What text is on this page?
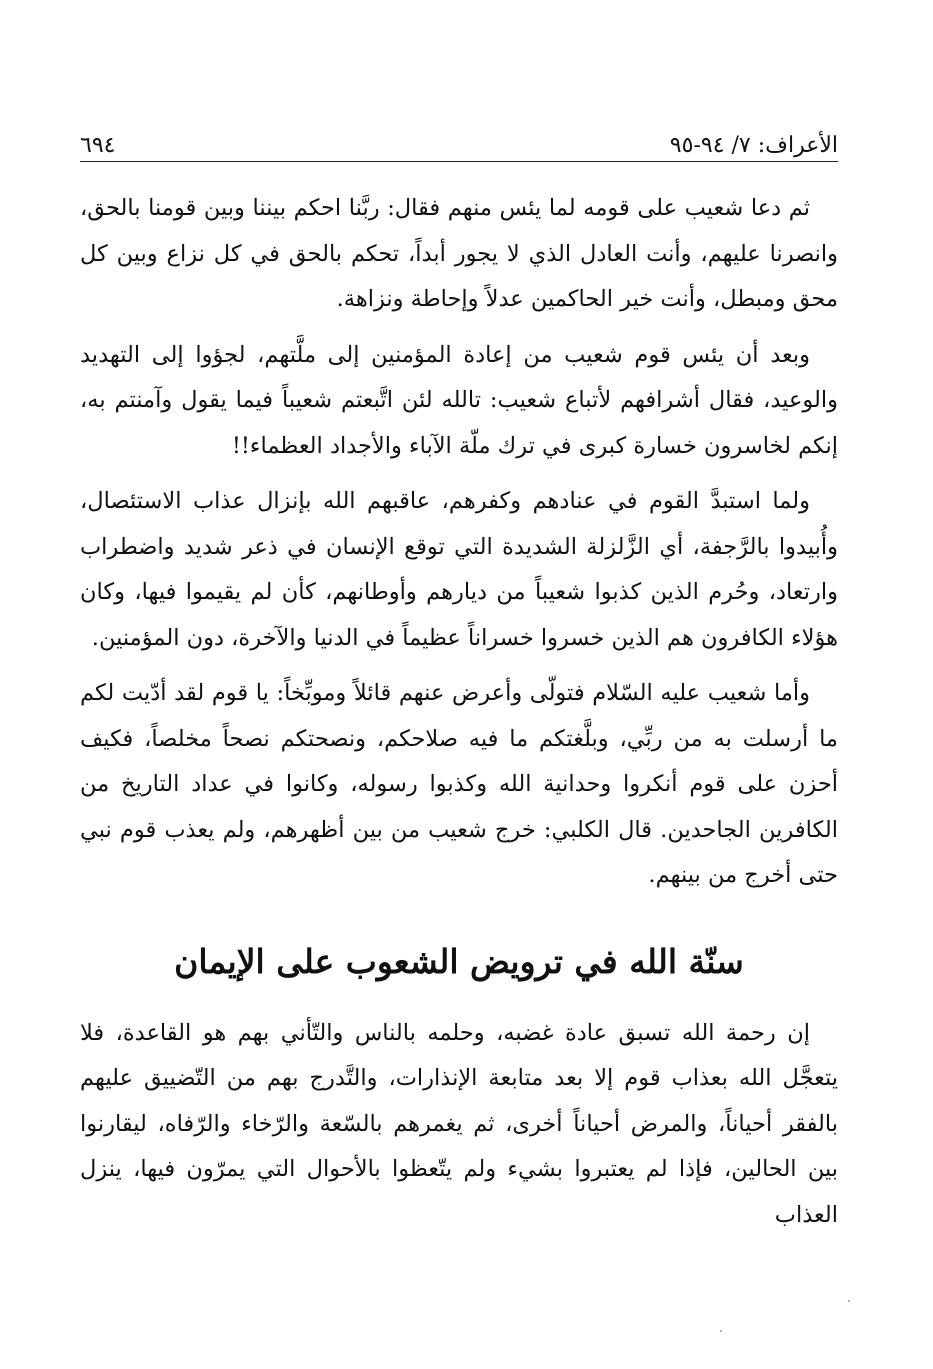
الأعراف: ٧/ ٩٤-٩٥
٦٩٤

ثم دعا شعيب على قومه لما يئس منهم فقال: ربَّنا احكم بيننا وبين قومنا بالحق، وانصرنا عليهم، وأنت العادل الذي لا يجور أبداً، تحكم بالحق في كل نزاع وبين كل محق ومبطل، وأنت خير الحاكمين عدلاً وإحاطة ونزاهة.

وبعد أن يئس قوم شعيب من إعادة المؤمنين إلى ملَّتهم، لجؤوا إلى التهديد والوعيد، فقال أشرافهم لأتباع شعيب: تالله لئن اتَّبعتم شعيباً فيما يقول وآمنتم به، إنكم لخاسرون خسارة كبرى في ترك ملّة الآباء والأجداد العظماء!!

ولما استبدَّ القوم في عنادهم وكفرهم، عاقبهم الله بإنزال عذاب الاستئصال، وأُبيدوا بالرَّجفة، أي الزَّلزلة الشديدة التي توقع الإنسان في ذعر شديد واضطراب وارتعاد، وحُرم الذين كذبوا شعيباً من ديارهم وأوطانهم، كأن لم يقيموا فيها، وكان هؤلاء الكافرون هم الذين خسروا خسراناً عظيماً في الدنيا والآخرة، دون المؤمنين.

وأما شعيب عليه السّلام فتولّى وأعرض عنهم قائلاً وموبِّخاً: يا قوم لقد أدّيت لكم ما أرسلت به من ربِّي، وبلَّغتكم ما فيه صلاحكم، ونصحتكم نصحاً مخلصاً، فكيف أحزن على قوم أنكروا وحدانية الله وكذبوا رسوله، وكانوا في عداد التاريخ من الكافرين الجاحدين. قال الكلبي: خرج شعيب من بين أظهرهم، ولم يعذب قوم نبي حتى أخرج من بينهم.

سنّة الله في ترويض الشعوب على الإيمان

إن رحمة الله تسبق عادة غضبه، وحلمه بالناس والتّأني بهم هو القاعدة، فلا يتعجَّل الله بعذاب قوم إلا بعد متابعة الإنذارات، والتَّدرج بهم من التّضييق عليهم بالفقر أحياناً، والمرض أحياناً أخرى، ثم يغمرهم بالسّعة والرّخاء والرّفاه، ليقارنوا بين الحالين، فإذا لم يعتبروا بشيء ولم يتّعظوا بالأحوال التي يمرّون فيها، ينزل العذاب
